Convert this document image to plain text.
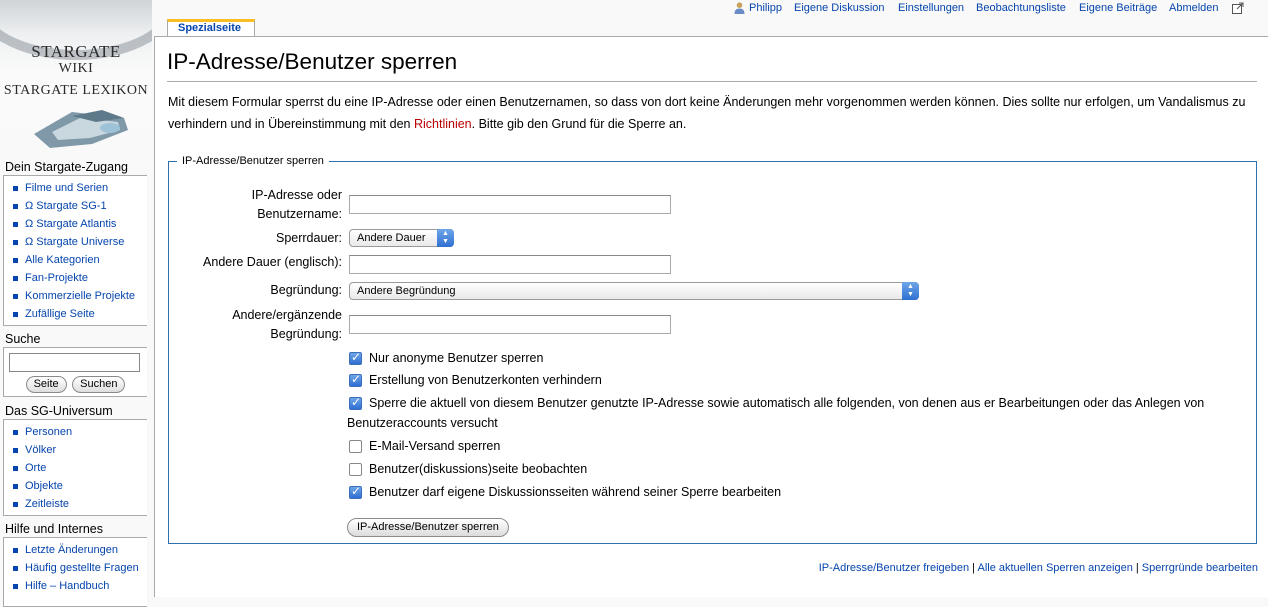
STARGATE
WIKI
STARGATE LEXIKON
Dein Stargate-Zugang
Filme und Serien
Ω Stargate SG-1
Ω Stargate Atlantis
Ω Stargate Universe
Alle Kategorien
Fan-Projekte
Kommerzielle Projekte
Zufällige Seite
Suche
Seite Suchen
Das SG-Universum
Personen
Völker
Orte
Objekte
Zeitleiste
Hilfe und Internes
Letzte Änderungen
Häufig gestellte Fragen
Hilfe – Handbuch
Philipp Eigene Diskussion Einstellungen Beobachtungsliste Eigene Beiträge Abmelden
Spezialseite
IP-Adresse/Benutzer sperren
Mit diesem Formular sperrst du eine IP-Adresse oder einen Benutzernamen, so dass von dort keine Änderungen mehr vorgenommen werden können. Dies sollte nur erfolgen, um Vandalismus zu verhindern und in Übereinstimmung mit den Richtlinien. Bitte gib den Grund für die Sperre an.
IP-Adresse/Benutzer sperren
IP-Adresse oder
Benutzername:
Sperrdauer:	Andere Dauer	▲
▼
Andere Dauer (englisch):
Begründung:	Andere Begründung	▲
▼
Andere/ergänzende
Begründung:
✓
Nur anonyme Benutzer sperren
✓
Erstellung von Benutzerkonten verhindern
✓
Sperre die aktuell von diesem Benutzer genutzte IP-Adresse sowie automatisch alle folgenden, von denen aus er Bearbeitungen oder das Anlegen von Benutzeraccounts versucht
E-Mail-Versand sperren
Benutzer(diskussions)seite beobachten
✓
Benutzer darf eigene Diskussionsseiten während seiner Sperre bearbeiten
IP-Adresse/Benutzer sperren
IP-Adresse/Benutzer freigeben | Alle aktuellen Sperren anzeigen | Sperrgründe bearbeiten
